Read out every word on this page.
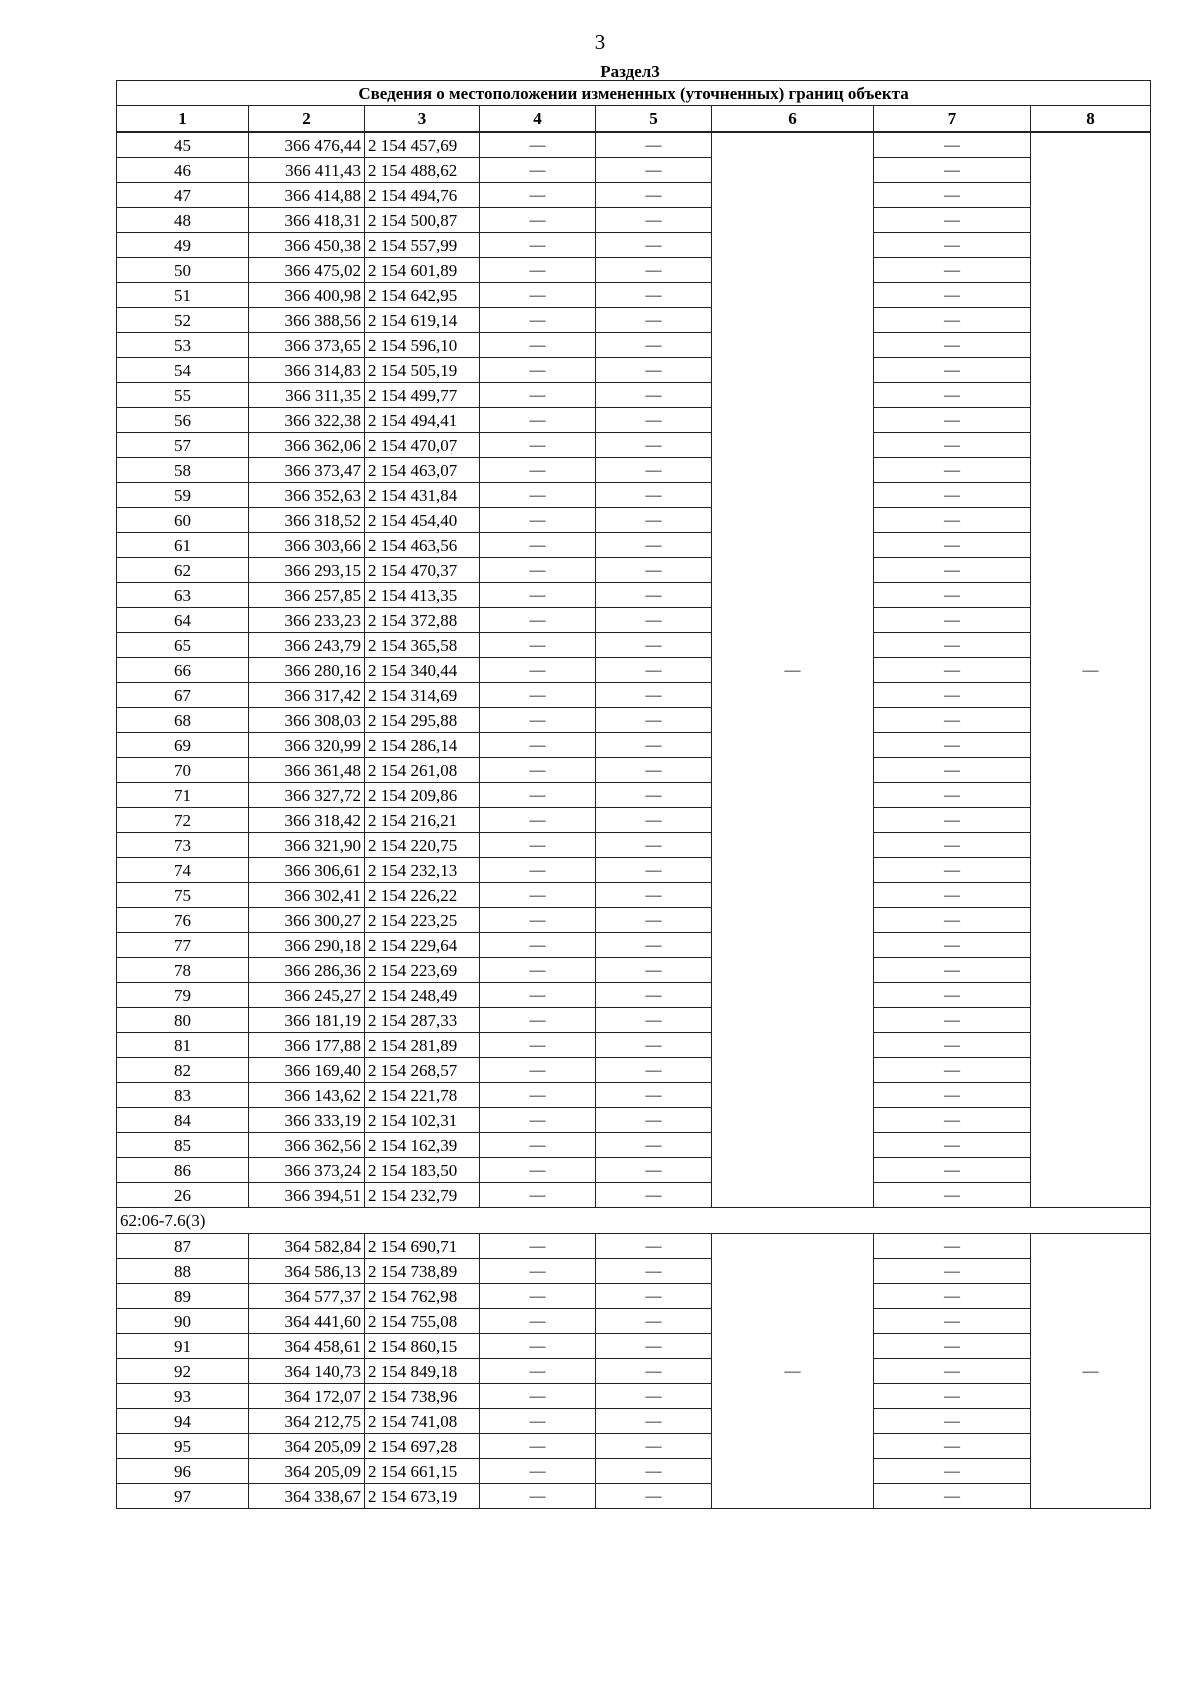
3
Раздел3
Сведения о местоположении измененных (уточненных) границ объекта							
1	2	3	4	5	6	7	8
45	366 476,44	2 154 457,69	—	—	—	—	—
46	366 411,43	2 154 488,62	—	—		—	
47	366 414,88	2 154 494,76	—	—		—	
48	366 418,31	2 154 500,87	—	—		—	
49	366 450,38	2 154 557,99	—	—		—	
50	366 475,02	2 154 601,89	—	—		—	
51	366 400,98	2 154 642,95	—	—		—	
52	366 388,56	2 154 619,14	—	—		—	
53	366 373,65	2 154 596,10	—	—		—	
54	366 314,83	2 154 505,19	—	—		—	
55	366 311,35	2 154 499,77	—	—		—	
56	366 322,38	2 154 494,41	—	—		—	
57	366 362,06	2 154 470,07	—	—		—	
58	366 373,47	2 154 463,07	—	—		—	
59	366 352,63	2 154 431,84	—	—		—	
60	366 318,52	2 154 454,40	—	—		—	
61	366 303,66	2 154 463,56	—	—		—	
62	366 293,15	2 154 470,37	—	—		—	
63	366 257,85	2 154 413,35	—	—		—	
64	366 233,23	2 154 372,88	—	—		—	
65	366 243,79	2 154 365,58	—	—		—	
66	366 280,16	2 154 340,44	—	—		—	
67	366 317,42	2 154 314,69	—	—		—	
68	366 308,03	2 154 295,88	—	—		—	
69	366 320,99	2 154 286,14	—	—		—	
70	366 361,48	2 154 261,08	—	—		—	
71	366 327,72	2 154 209,86	—	—		—	
72	366 318,42	2 154 216,21	—	—		—	
73	366 321,90	2 154 220,75	—	—		—	
74	366 306,61	2 154 232,13	—	—		—	
75	366 302,41	2 154 226,22	—	—		—	
76	366 300,27	2 154 223,25	—	—		—	
77	366 290,18	2 154 229,64	—	—		—	
78	366 286,36	2 154 223,69	—	—		—	
79	366 245,27	2 154 248,49	—	—		—	
80	366 181,19	2 154 287,33	—	—		—	
81	366 177,88	2 154 281,89	—	—		—	
82	366 169,40	2 154 268,57	—	—		—	
83	366 143,62	2 154 221,78	—	—		—	
84	366 333,19	2 154 102,31	—	—		—	
85	366 362,56	2 154 162,39	—	—		—	
86	366 373,24	2 154 183,50	—	—		—	
26	366 394,51	2 154 232,79	—	—		—	
62:06-7.6(3)							
87	364 582,84	2 154 690,71	—	—	—	—	—
88	364 586,13	2 154 738,89	—	—		—	
89	364 577,37	2 154 762,98	—	—		—	
90	364 441,60	2 154 755,08	—	—		—	
91	364 458,61	2 154 860,15	—	—		—	
92	364 140,73	2 154 849,18	—	—		—	
93	364 172,07	2 154 738,96	—	—		—	
94	364 212,75	2 154 741,08	—	—		—	
95	364 205,09	2 154 697,28	—	—		—	
96	364 205,09	2 154 661,15	—	—		—	
97	364 338,67	2 154 673,19	—	—		—	
